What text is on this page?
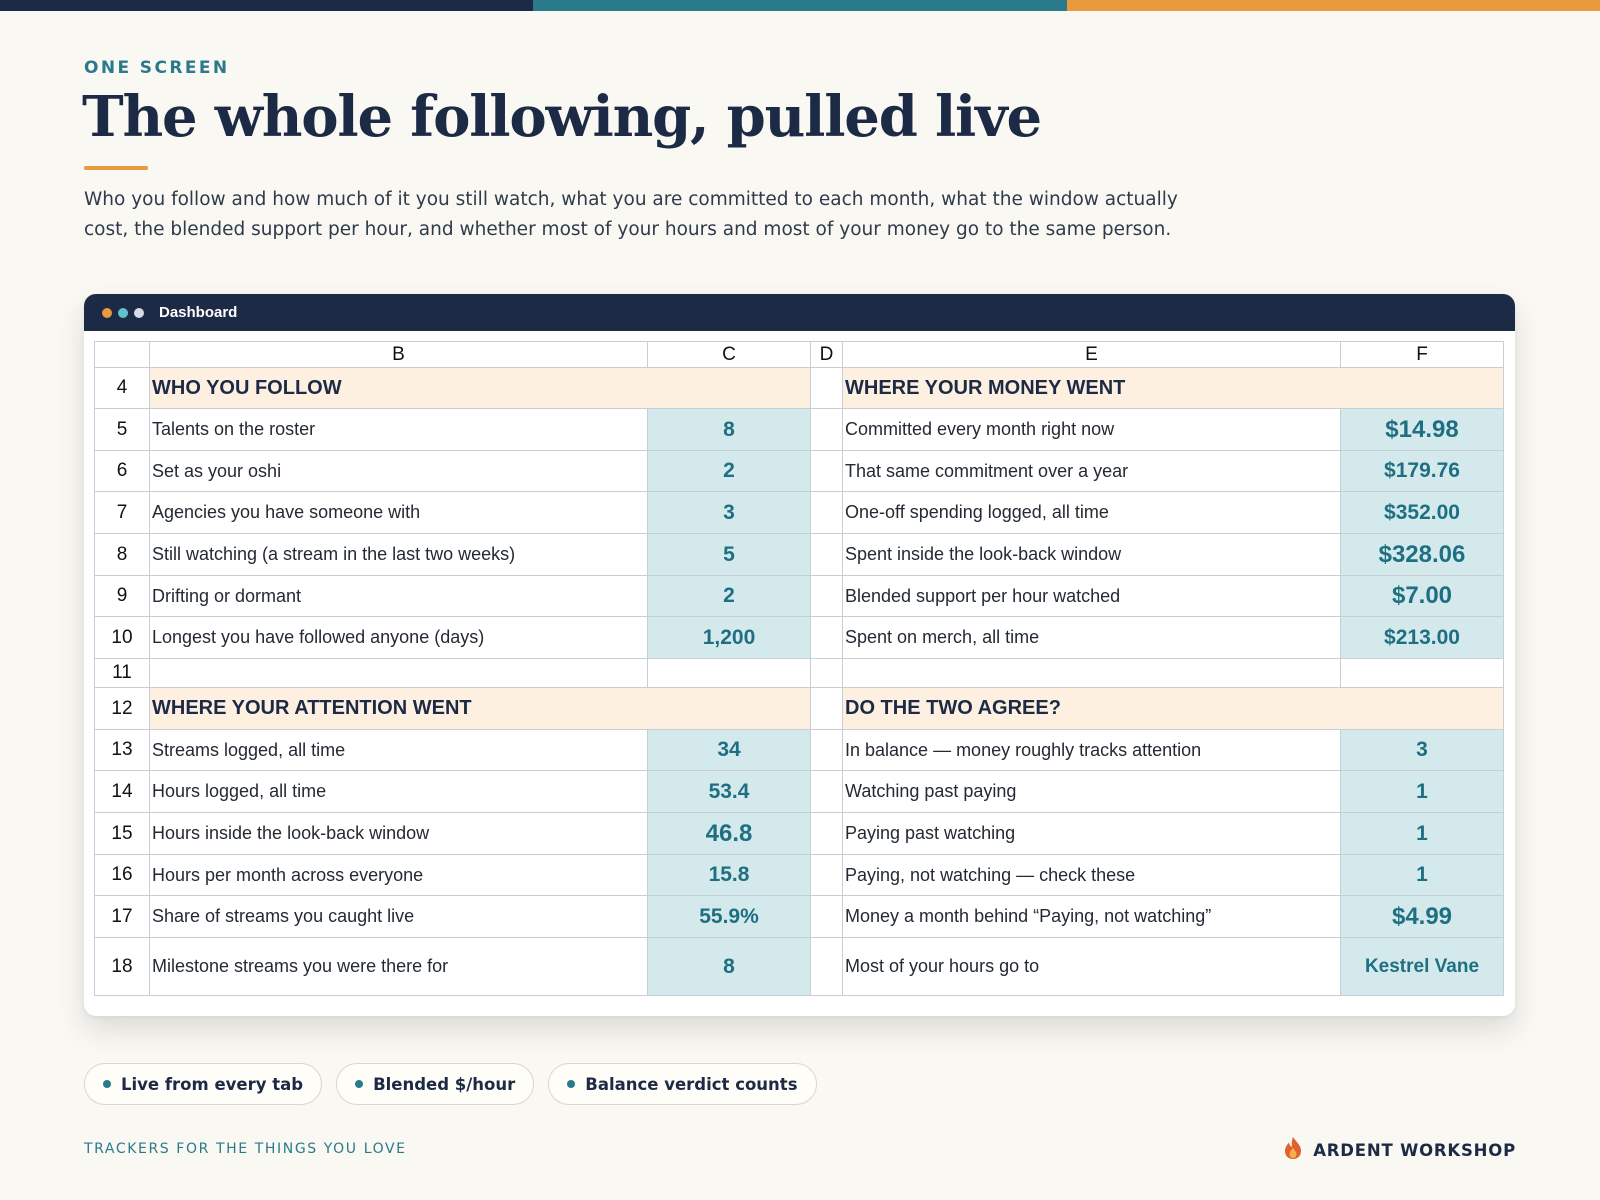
ONE SCREEN
The whole following, pulled live

Who you follow and how much of it you still watch, what you are committed to each month, what the window actually cost, the blended support per hour, and whether most of your hours and most of your money go to the same person.

Dashboard
	B	C	D	E	F
4	WHO YOU FOLLOW			WHERE YOUR MONEY WENT	
5	Talents on the roster	8		Committed every month right now	$14.98
6	Set as your oshi	2		That same commitment over a year	$179.76
7	Agencies you have someone with	3		One-off spending logged, all time	$352.00
8	Still watching (a stream in the last two weeks)	5		Spent inside the look-back window	$328.06
9	Drifting or dormant	2		Blended support per hour watched	$7.00
10	Longest you have followed anyone (days)	1,200		Spent on merch, all time	$213.00
11					
12	WHERE YOUR ATTENTION WENT			DO THE TWO AGREE?	
13	Streams logged, all time	34		In balance — money roughly tracks attention	3
14	Hours logged, all time	53.4		Watching past paying	1
15	Hours inside the look-back window	46.8		Paying past watching	1
16	Hours per month across everyone	15.8		Paying, not watching — check these	1
17	Share of streams you caught live	55.9%		Money a month behind “Paying, not watching”	$4.99
18	Milestone streams you were there for	8		Most of your hours go to	Kestrel Vane
Live from every tab	Blended $/hour	Balance verdict counts
TRACKERS FOR THE THINGS YOU LOVE	ARDENT WORKSHOP
